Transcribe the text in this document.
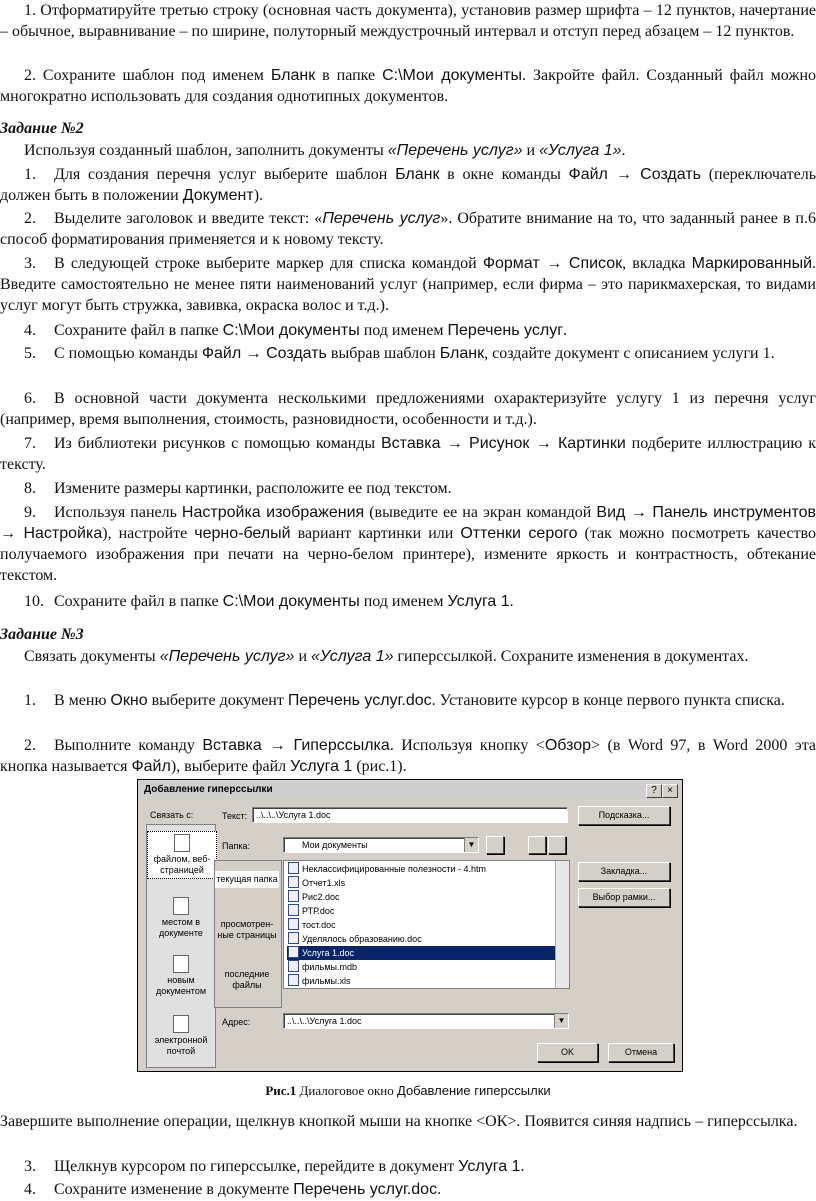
1. Отформатируйте третью строку (основная часть документа), установив размер шрифта – 12 пунктов, начертание – обычное, выравнивание – по ширине, полуторный междустрочный интервал и отступ перед абзацем – 12 пунктов.

2. Сохраните шаблон под именем Бланк в папке С:\Мои документы. Закройте файл. Созданный файл можно многократно использовать для создания однотипных документов.

Задание №2

Используя созданный шаблон, заполнить документы «Перечень услуг» и «Услуга 1».

1. Для создания перечня услуг выберите шаблон Бланк в окне команды Файл → Создать (переключатель должен быть в положении Документ).

2. Выделите заголовок и введите текст: «Перечень услуг». Обратите внимание на то, что заданный ранее в п.6 способ форматирования применяется и к новому тексту.

3. В следующей строке выберите маркер для списка командой Формат → Список, вкладка Маркированный. Введите самостоятельно не менее пяти наименований услуг (например, если фирма – это парикмахерская, то видами услуг могут быть стружка, завивка, окраска волос и т.д.).

4. Сохраните файл в папке С:\Мои документы под именем Перечень услуг.

5. С помощью команды Файл → Создать выбрав шаблон Бланк, создайте документ с описанием услуги 1.

6. В основной части документа несколькими предложениями охарактеризуйте услугу 1 из перечня услуг (например, время выполнения, стоимость, разновидности, особенности и т.д.).

7. Из библиотеки рисунков с помощью команды Вставка → Рисунок → Картинки подберите иллюстрацию к тексту.

8. Измените размеры картинки, расположите ее под текстом.

9. Используя панель Настройка изображения (выведите ее на экран командой Вид → Панель инструментов → Настройка), настройте черно-белый вариант картинки или Оттенки серого (так можно посмотреть качество получаемого изображения при печати на черно-белом принтере), измените яркость и контрастность, обтекание текстом.

10. Сохраните файл в папке С:\Мои документы под именем Услуга 1.

Задание №3

Связать документы «Перечень услуг» и «Услуга 1» гиперссылкой. Сохраните изменения в документах.

1. В меню Окно выберите документ Перечень услуг.doc. Установите курсор в конце первого пункта списка.

2. Выполните команду Вставка → Гиперссылка. Используя кнопку <Обзор> (в Word 97, в Word 2000 эта кнопка называется Файл), выберите файл Услуга 1 (рис.1).

Добавление гиперссылки	?	×
Связать с:
файлом, веб-страницей
местом в документе
новым документом
электронной почтой
Текст: ..\..\..\Услуга 1.doc	Подсказка...
Папка:	Мои документы	▼
текущая папка
просмотрен-ные страницы
последние файлы
Неклассифицированные полезности - 4.htm
Отчет1.xls
Рис2.doc
РТР.doc
тост.doc
Уделялось образованию.doc
Услуга 1.doc
фильмы.mdb
фильмы.xls
Закладка...
Выбор рамки...
Адрес:	..\..\..\Услуга 1.doc	▼
OK	Отмена
Рис.1 Диалоговое окно Добавление гиперссылки

Завершите выполнение операции, щелкнув кнопкой мыши на кнопке <ОК>. Появится синяя надпись – гиперссылка.

3. Щелкнув курсором по гиперссылке, перейдите в документ Услуга 1.

4. Сохраните изменение в документе Перечень услуг.doc.
